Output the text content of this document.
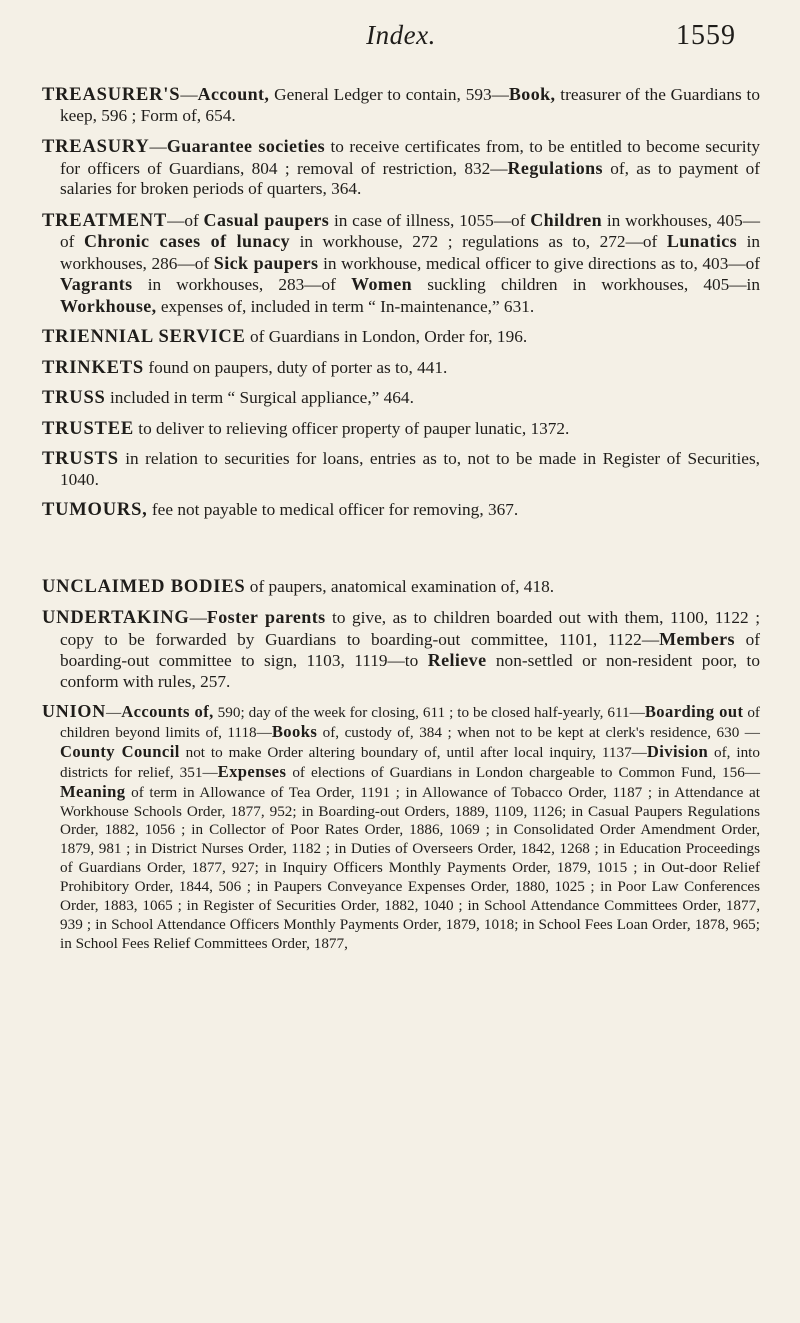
Index.	1559

TREASURER'S—Account, General Ledger to contain, 593—Book, treasurer of the Guardians to keep, 596 ; Form of, 654.

TREASURY—Guarantee societies to receive certificates from, to be entitled to become security for officers of Guardians, 804 ; removal of restriction, 832—Regulations of, as to payment of salaries for broken periods of quarters, 364.

TREATMENT—of Casual paupers in case of illness, 1055—of Children in workhouses, 405—of Chronic cases of lunacy in workhouse, 272 ; regulations as to, 272—of Lunatics in workhouses, 286—of Sick paupers in workhouse, medical officer to give directions as to, 403—of Vagrants in workhouses, 283—of Women suckling children in workhouses, 405—in Workhouse, expenses of, included in term “ In-maintenance,” 631.

TRIENNIAL SERVICE of Guardians in London, Order for, 196.

TRINKETS found on paupers, duty of porter as to, 441.

TRUSS included in term “ Surgical appliance,” 464.

TRUSTEE to deliver to relieving officer property of pauper lunatic, 1372.

TRUSTS in relation to securities for loans, entries as to, not to be made in Register of Securities, 1040.

TUMOURS, fee not payable to medical officer for removing, 367.

UNCLAIMED BODIES of paupers, anatomical examination of, 418.

UNDERTAKING—Foster parents to give, as to children boarded out with them, 1100, 1122 ; copy to be forwarded by Guardians to boarding-out committee, 1101, 1122—Members of boarding-out committee to sign, 1103, 1119—to Relieve non-settled or non-resident poor, to conform with rules, 257.

UNION—Accounts of, 590; day of the week for closing, 611 ; to be closed half-yearly, 611—Boarding out of children beyond limits of, 1118—Books of, custody of, 384 ; when not to be kept at clerk's residence, 630 —County Council not to make Order altering boundary of, until after local inquiry, 1137—Division of, into districts for relief, 351—Expenses of elections of Guardians in London chargeable to Common Fund, 156—Meaning of term in Allowance of Tea Order, 1191 ; in Allowance of Tobacco Order, 1187 ; in Attendance at Workhouse Schools Order, 1877, 952; in Boarding-out Orders, 1889, 1109, 1126; in Casual Paupers Regulations Order, 1882, 1056 ; in Collector of Poor Rates Order, 1886, 1069 ; in Consolidated Order Amendment Order, 1879, 981 ; in District Nurses Order, 1182 ; in Duties of Overseers Order, 1842, 1268 ; in Education Proceedings of Guardians Order, 1877, 927; in Inquiry Officers Monthly Payments Order, 1879, 1015 ; in Out-door Relief Prohibitory Order, 1844, 506 ; in Paupers Conveyance Expenses Order, 1880, 1025 ; in Poor Law Conferences Order, 1883, 1065 ; in Register of Securities Order, 1882, 1040 ; in School Attendance Committees Order, 1877, 939 ; in School Attendance Officers Monthly Payments Order, 1879, 1018; in School Fees Loan Order, 1878, 965; in School Fees Relief Committees Order, 1877,
